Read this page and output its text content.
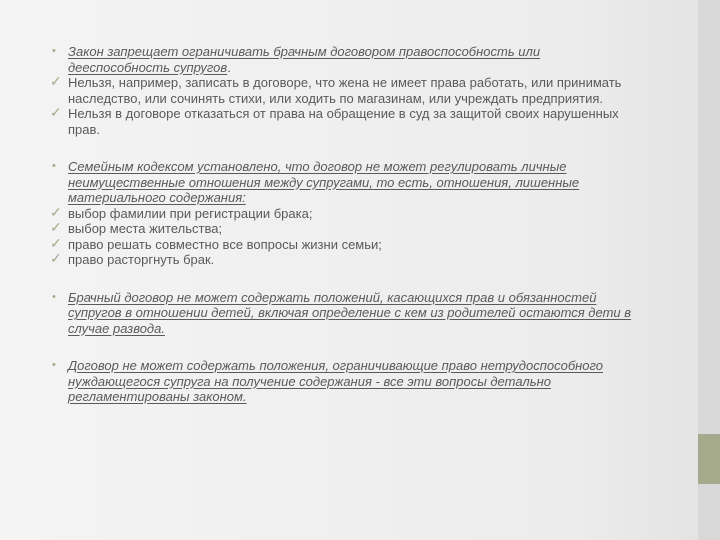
• Закон запрещает ограничивать брачным договором правоспособность или дееспособность супругов.
✓ Нельзя, например, записать в договоре, что жена не имеет права работать, или принимать наследство, или сочинять стихи, или ходить по магазинам, или учреждать предприятия.
✓ Нельзя в договоре отказаться от права на обращение в суд за защитой своих нарушенных прав.
• Семейным кодексом установлено, что договор не может регулировать личные неимущественные отношения между супругами, то есть, отношения, лишенные материального содержания:
✓ выбор фамилии при регистрации брака;
✓ выбор места жительства;
✓ право решать совместно все вопросы жизни семьи;
✓ право расторгнуть брак.
• Брачный договор не может содержать положений, касающихся прав и обязанностей супругов в отношении детей, включая определение с кем из родителей остаются дети в случае развода.
• Договор не может содержать положения, ограничивающие право нетрудоспособного нуждающегося супруга на получение содержания - все эти вопросы детально регламентированы законом.
